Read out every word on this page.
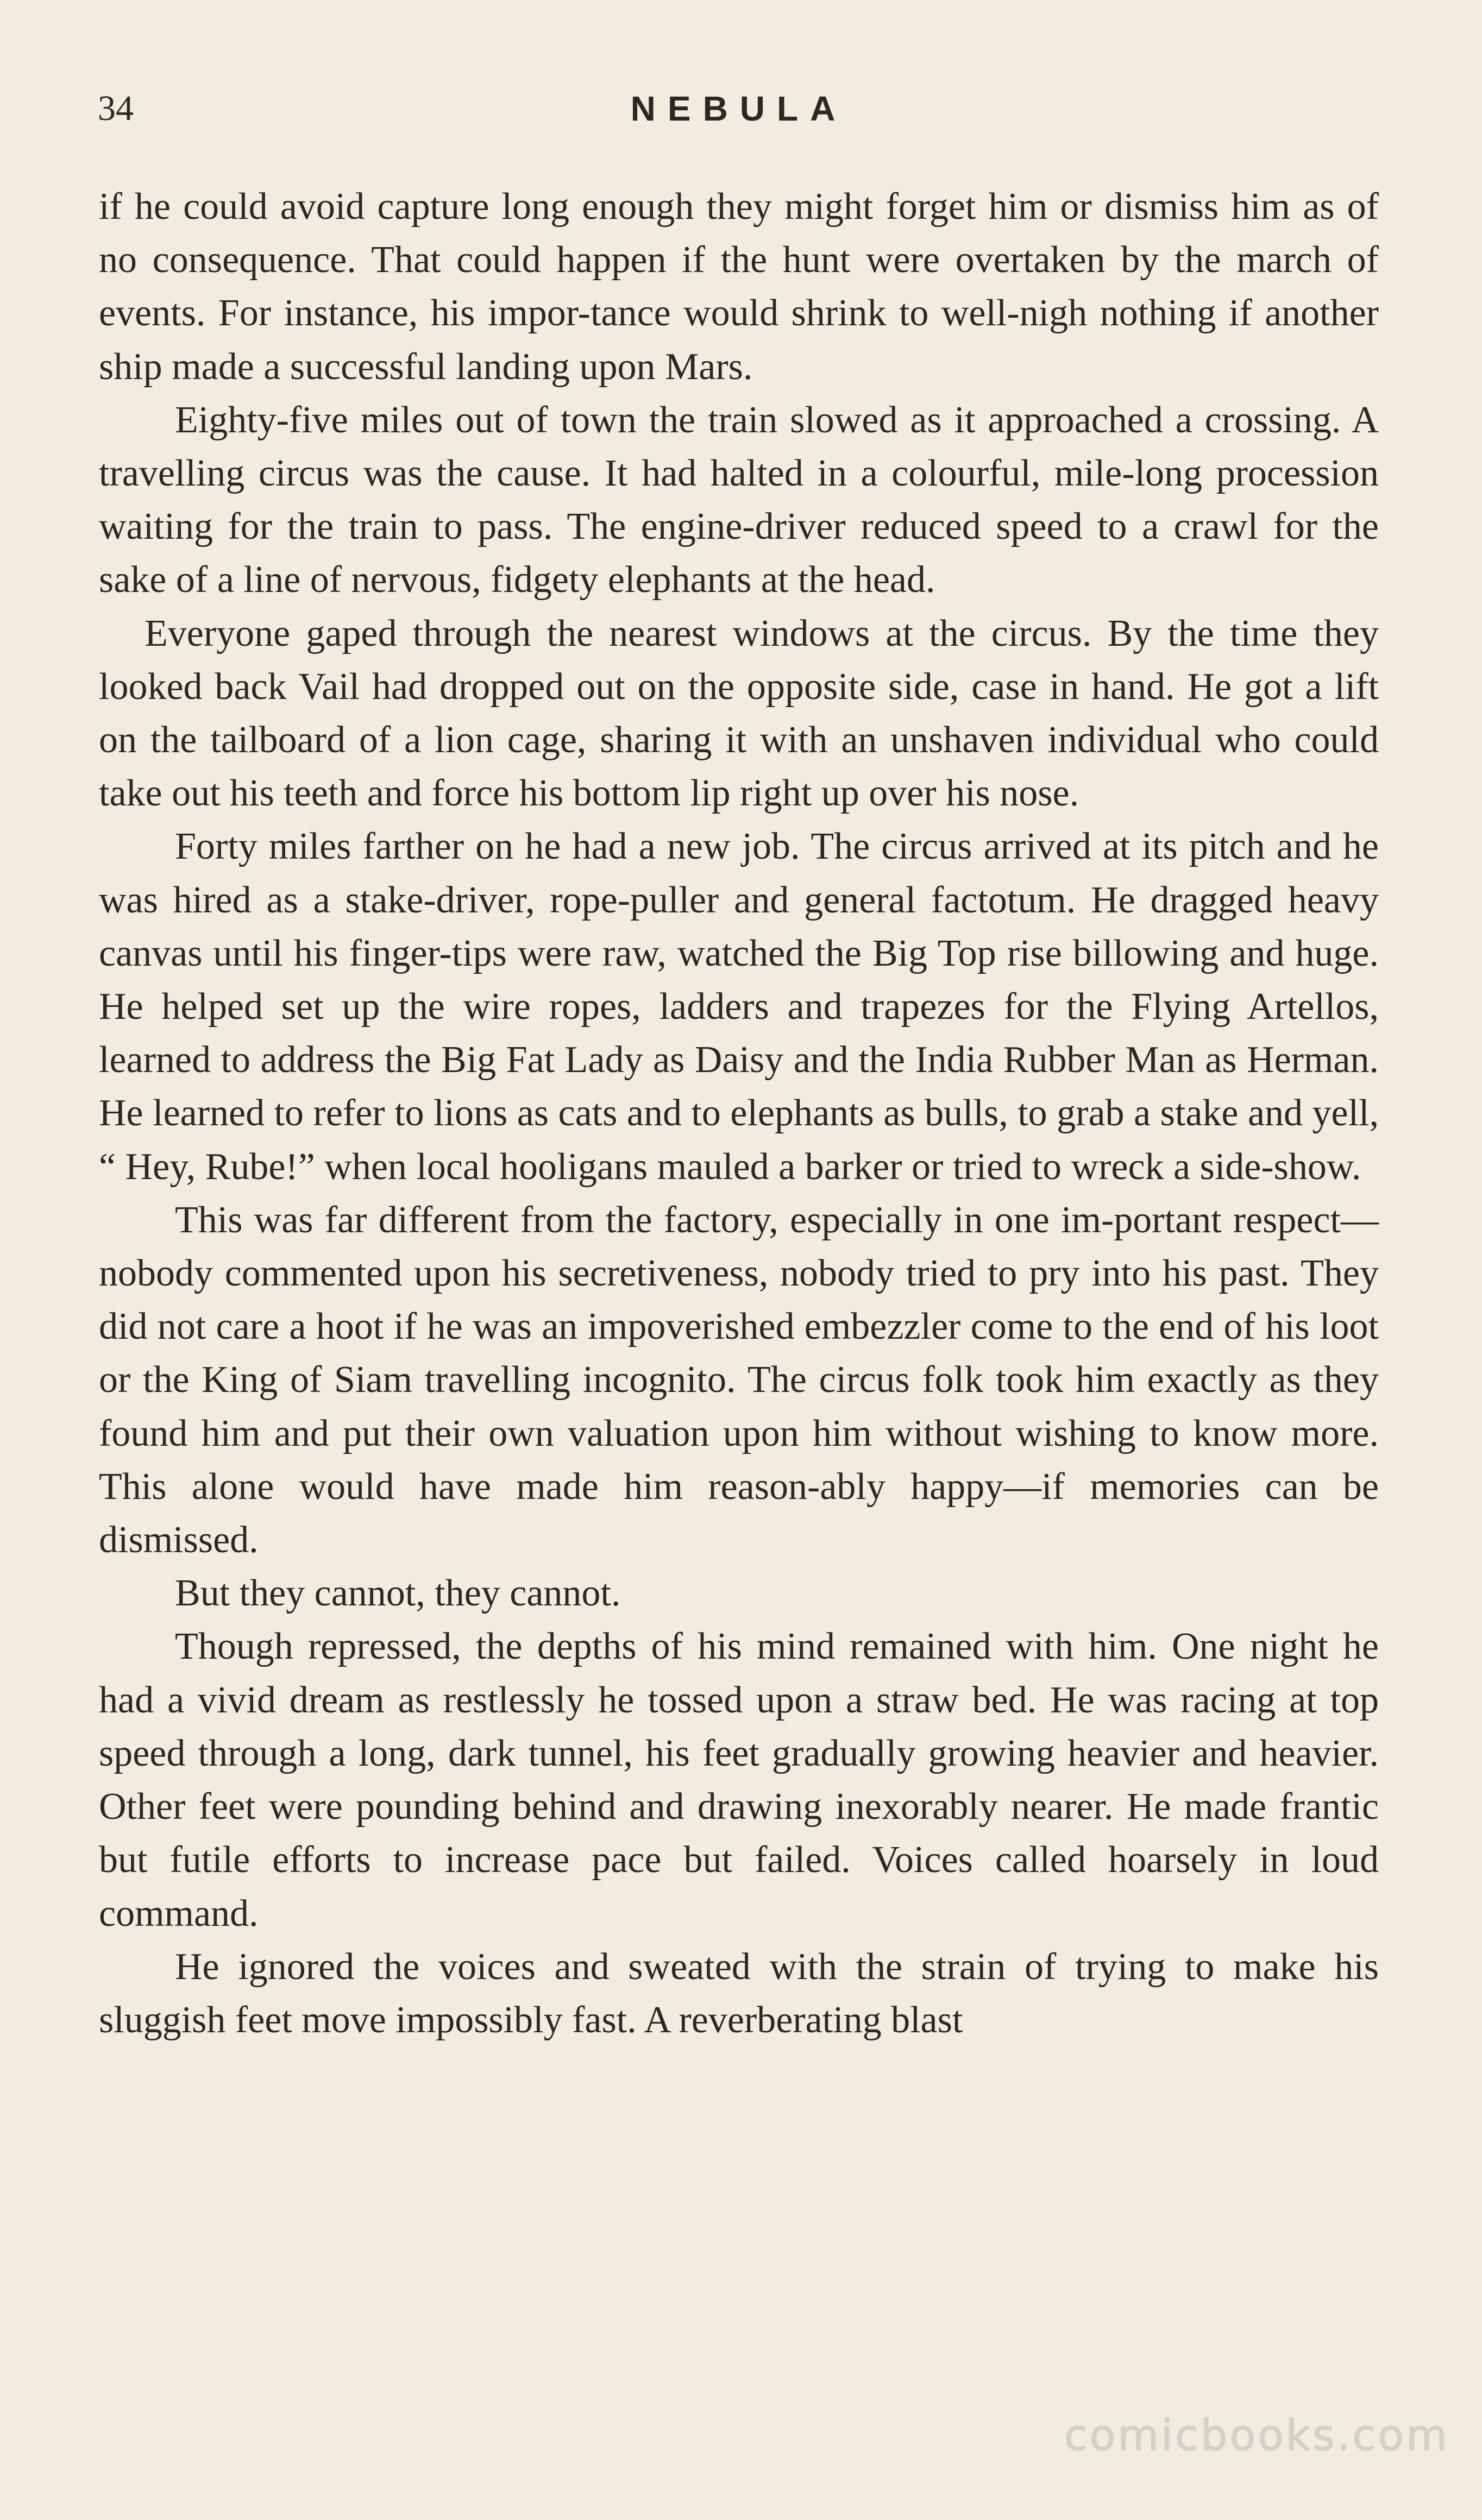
34	NEBULA

if he could avoid capture long enough they might forget him or dismiss him as of no consequence. That could happen if the hunt were overtaken by the march of events. For instance, his impor-tance would shrink to well-nigh nothing if another ship made a successful landing upon Mars.

Eighty-five miles out of town the train slowed as it approached a crossing. A travelling circus was the cause. It had halted in a colourful, mile-long procession waiting for the train to pass. The engine-driver reduced speed to a crawl for the sake of a line of nervous, fidgety elephants at the head.

Everyone gaped through the nearest windows at the circus. By the time they looked back Vail had dropped out on the opposite side, case in hand. He got a lift on the tailboard of a lion cage, sharing it with an unshaven individual who could take out his teeth and force his bottom lip right up over his nose.

Forty miles farther on he had a new job. The circus arrived at its pitch and he was hired as a stake-driver, rope-puller and general factotum. He dragged heavy canvas until his finger-tips were raw, watched the Big Top rise billowing and huge. He helped set up the wire ropes, ladders and trapezes for the Flying Artellos, learned to address the Big Fat Lady as Daisy and the India Rubber Man as Herman. He learned to refer to lions as cats and to elephants as bulls, to grab a stake and yell, “ Hey, Rube!” when local hooligans mauled a barker or tried to wreck a side-show.

This was far different from the factory, especially in one im-portant respect—nobody commented upon his secretiveness, nobody tried to pry into his past. They did not care a hoot if he was an impoverished embezzler come to the end of his loot or the King of Siam travelling incognito. The circus folk took him exactly as they found him and put their own valuation upon him without wishing to know more. This alone would have made him reason-ably happy—if memories can be dismissed.

But they cannot, they cannot.

Though repressed, the depths of his mind remained with him. One night he had a vivid dream as restlessly he tossed upon a straw bed. He was racing at top speed through a long, dark tunnel, his feet gradually growing heavier and heavier. Other feet were pounding behind and drawing inexorably nearer. He made frantic but futile efforts to increase pace but failed. Voices called hoarsely in loud command.

He ignored the voices and sweated with the strain of trying to make his sluggish feet move impossibly fast. A reverberating blast

comicbooks.com
